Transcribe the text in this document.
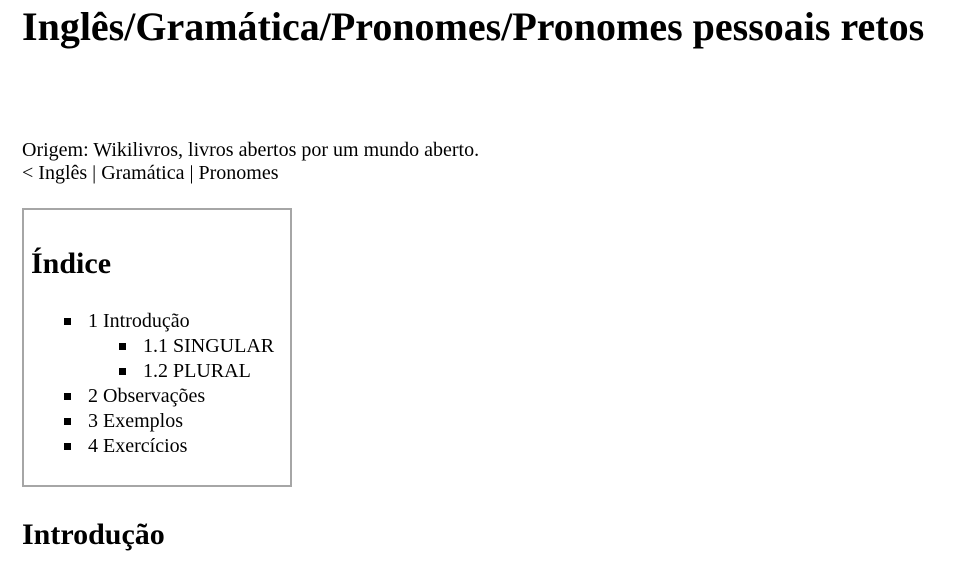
Inglês/Gramática/Pronomes/Pronomes pessoais retos

Origem: Wikilivros, livros abertos por um mundo aberto.

< Inglês | Gramática | Pronomes

Índice
1 Introdução
1.1 SINGULAR
1.2 PLURAL
2 Observações
3 Exemplos
4 Exercícios
Introdução
